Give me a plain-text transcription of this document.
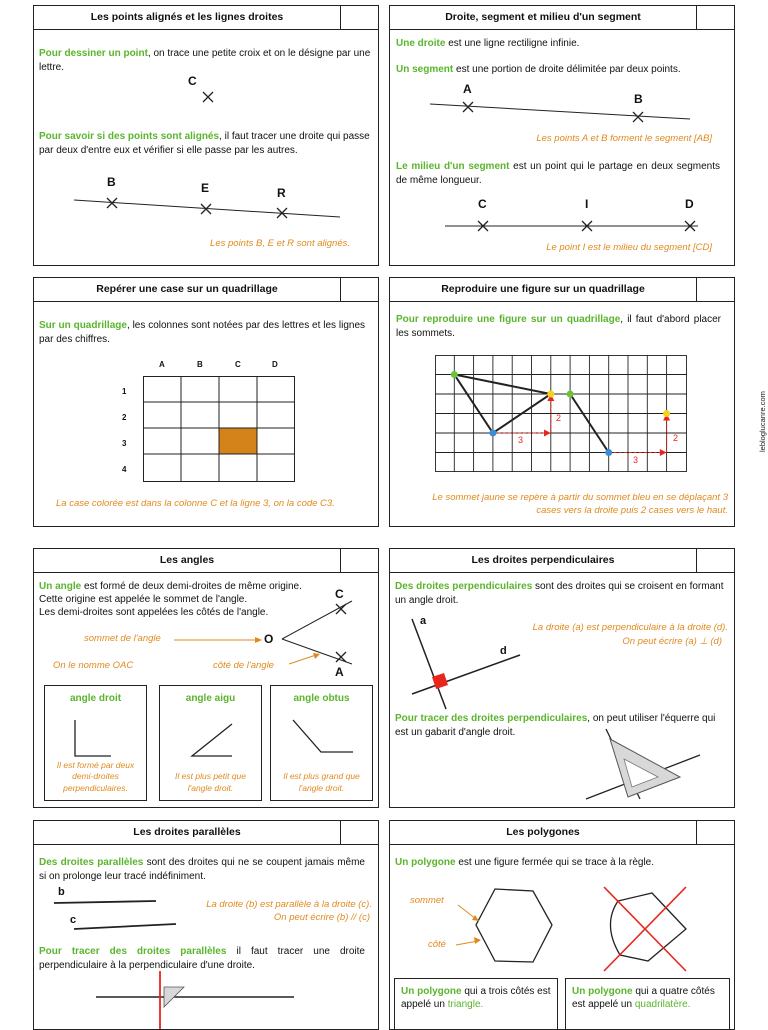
lebloglucanre.com
Les points alignés et les lignes droites
Pour dessiner un point, on trace une petite croix et on le désigne par une lettre.
C
Pour savoir si des points sont alignés, il faut tracer une droite qui passe par deux d'entre eux et vérifier si elle passe par les autres.
B	E	R
Les points B, E et R sont alignés.
Droite, segment et milieu d'un segment
Une droite est une ligne rectiligne infinie.
Un segment est une portion de droite délimitée par deux points.
A
B
Les points A et B forment le segment [AB]
Le milieu d'un segment est un point qui le partage en deux segments de même longueur.
C	I	D
Le point I est le milieu du segment [CD]
Repérer une case sur un quadrillage
Sur un quadrillage, les colonnes sont notées par des lettres et les lignes par des chiffres.
A	B	C	D
1
2
3
4
La case colorée est dans la colonne C et la ligne 3, on la code C3.
Reproduire une figure sur un quadrillage
Pour reproduire une figure sur un quadrillage, il faut d'abord placer les sommets.
3
2
3
2
Le sommet jaune se repère à partir du sommet bleu en se déplaçant 3 cases vers la droite puis 2 cases vers le haut.
Les angles
Un angle est formé de deux demi-droites de même origine.
Cette origine est appelée le sommet de l'angle.
Les demi-droites sont appelées les côtés de l'angle.
C
O
A
sommet de l'angle
On le nomme OAC	côté de l'angle
angle droit
Il est formé par deux demi-droites perpendiculaires.
angle aigu
Il est plus petit que l'angle droit.
angle obtus
Il est plus grand que l'angle droit.
Les droites perpendiculaires
Des droites perpendiculaires sont des droites qui se croisent en formant un angle droit.
a
d
La droite (a) est perpendiculaire à la droite (d).
On peut écrire (a) ⊥ (d)
Pour tracer des droites perpendiculaires, on peut utiliser l'équerre qui est un gabarit d'angle droit.
Les droites parallèles
Des droites parallèles sont des droites qui ne se coupent jamais même si on prolonge leur tracé indéfiniment.
b
c
La droite (b) est parallèle à la droite (c).
On peut écrire (b) // (c)
Pour tracer des droites parallèles il faut tracer une droite perpendiculaire à la perpendiculaire d'une droite.
Les polygones
Un polygone est une figure fermée qui se trace à la règle.
sommet
côté
Un polygone qui a trois côtés est appelé un triangle.
Un polygone qui a quatre côtés est appelé un quadrilatère.
